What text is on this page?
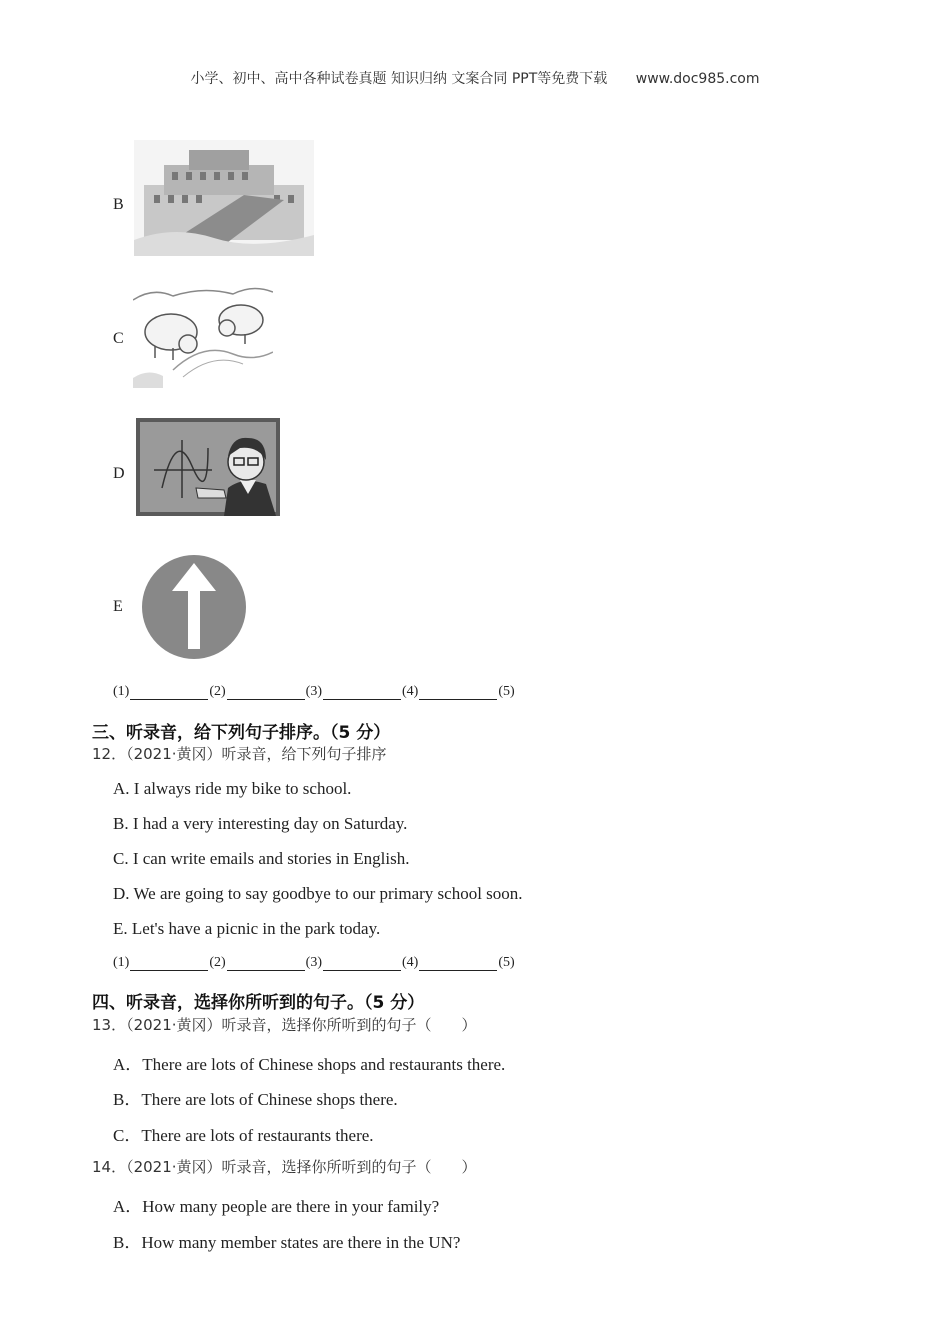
小学、初中、高中各种试卷真题 知识归纳 文案合同 PPT等免费下载 www.doc985.com
B
C
D
E
(1)	(2)	(3)	(4)	(5)
三、听录音，给下列句子排序。（5 分）
12．（2021·黄冈）听录音，给下列句子排序
A. I always ride my bike to school.
B. I had a very interesting day on Saturday.
C. I can write emails and stories in English.
D. We are going to say goodbye to our primary school soon.
E. Let's have a picnic in the park today.
(1)	(2)	(3)	(4)	(5)
四、听录音，选择你所听到的句子。（5 分）
13．（2021·黄冈）听录音，选择你所听到的句子（　　）
A．There are lots of Chinese shops and restaurants there.
B．There are lots of Chinese shops there.
C．There are lots of restaurants there.
14．（2021·黄冈）听录音，选择你所听到的句子（　　）
A．How many people are there in your family?
B．How many member states are there in the UN?
